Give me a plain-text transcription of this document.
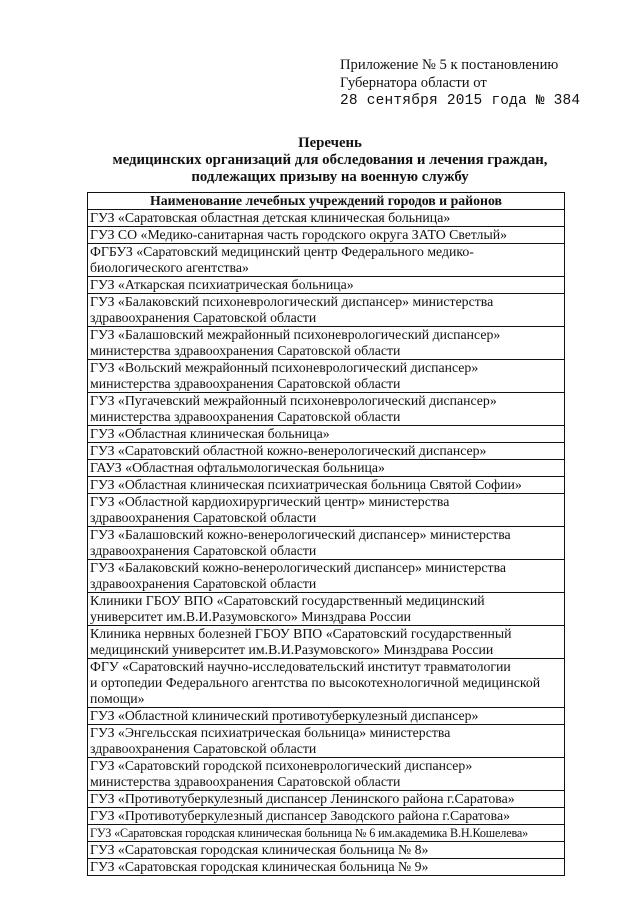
Приложение № 5 к постановлению
Губернатора области от
28 сентября 2015 года № 384
Перечень
медицинских организаций для обследования и лечения граждан,
подлежащих призыву на военную службу
Наименование лечебных учреждений городов и районов

ГУЗ «Саратовская областная детская клиническая больница»

ГУЗ СО «Медико-санитарная часть городского округа ЗАТО Светлый»

ФГБУЗ «Саратовский медицинский центр Федерального медико-
биологического агентства»

ГУЗ «Аткарская психиатрическая больница»

ГУЗ «Балаковский психоневрологический диспансер» министерства
здравоохранения Саратовской области

ГУЗ «Балашовский межрайонный психоневрологический диспансер»
министерства здравоохранения Саратовской области

ГУЗ «Вольский межрайонный психоневрологический диспансер»
министерства здравоохранения Саратовской области

ГУЗ «Пугачевский межрайонный психоневрологический диспансер»
министерства здравоохранения Саратовской области

ГУЗ «Областная клиническая больница»

ГУЗ «Саратовский областной кожно-венерологический диспансер»

ГАУЗ «Областная офтальмологическая больница»

ГУЗ «Областная клиническая психиатрическая больница Святой Софии»

ГУЗ «Областной кардиохирургический центр» министерства
здравоохранения Саратовской области

ГУЗ «Балашовский кожно-венерологический диспансер» министерства
здравоохранения Саратовской области

ГУЗ «Балаковский кожно-венерологический диспансер» министерства
здравоохранения Саратовской области

Клиники ГБОУ ВПО «Саратовский государственный медицинский
университет им.В.И.Разумовского» Минздрава России

Клиника нервных болезней ГБОУ ВПО «Саратовский государственный
медицинский университет им.В.И.Разумовского» Минздрава России

ФГУ «Саратовский научно-исследовательский институт травматологии
и ортопедии Федерального агентства по высокотехнологичной медицинской
помощи»

ГУЗ «Областной клинический противотуберкулезный диспансер»

ГУЗ «Энгельсская психиатрическая больница» министерства
здравоохранения Саратовской области

ГУЗ «Саратовский городской психоневрологический диспансер»
министерства здравоохранения Саратовской области

ГУЗ «Противотуберкулезный диспансер Ленинского района г.Саратова»

ГУЗ «Противотуберкулезный диспансер Заводского района г.Саратова»

ГУЗ «Саратовская городская клиническая больница № 6 им.академика В.Н.Кошелева»

ГУЗ «Саратовская городская клиническая больница № 8»

ГУЗ «Саратовская городская клиническая больница № 9»
